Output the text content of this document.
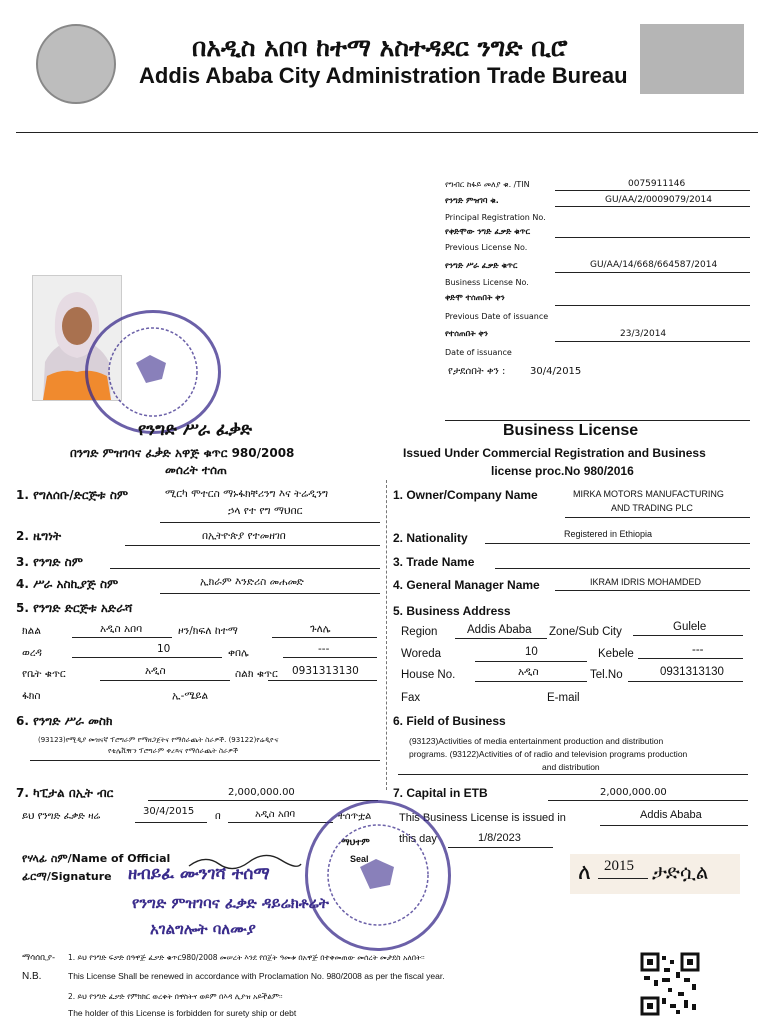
በአዲስ አበባ ከተማ አስተዳደር ንግድ ቢሮ
Addis Ababa City Administration Trade Bureau
የግብር ከፋይ መለያ ቁ. /TIN	0075911146
የንግድ ምዝገባ ቁ.	GU/AA/2/0009079/2014
Principal Registration No.
የቀድሞው ንግድ ፈቃድ ቁጥር
Previous License No.
የንግድ ሥራ ፈቃድ ቁጥር	GU/AA/14/668/664587/2014
Business License No.
ቀድሞ ተሰጠበት ቀን
Previous Date of issuance
የተሰጠበት ቀን	23/3/2014
Date of issuance
የታደሰበት ቀን : 30/4/2015
የንግድ ሥራ ፈቃድ
በንግድ ምዝገባና ፈቃድ አዋጅ ቁጥር 980/2008
መሰረት ተሰጠ
Business License
Issued Under Commercial Registration and Business
license proc.No 980/2016
1. የግለሰቡ/ድርጅቱ ስም	ሚርካ ሞተርስ ማኑፋክቸሪንግ እና ትሬዲንግ
ኃላ የተ የግ ማህበር
1. Owner/Company Name	MIRKA MOTORS MANUFACTURING
AND TRADING PLC
2. ዜግነት	በኢትዮጵያ የተመዘገበ	2. Nationality	Registered in Ethiopia
3. የንግድ ስም	3. Trade Name
4. ሥራ አስኪያጅ ስም	ኢክራም እንድሪስ መሐመድ	4. General Manager Name	IKRAM IDRIS MOHAMDED
5. የንግድ ድርጅቱ አድራሻ	5. Business Address
ክልል	አዲስ አበባ	ዞን/ክፍለ ከተማ	ጉለሌ
ወረዳ	10	ቀበሌ	---
የቤት ቁጥር	አዲስ	ስልክ ቁጥር 0931313130
ፋክስ	ኢ-ሜይል
Region	Addis Ababa Zone/Sub City	Gulele
Woreda	10	Kebele	---
House No.	አዲስ	Tel.No	0931313130
Fax	E-mail
6. የንግድ ሥራ መስክ
(93123)የሚዲያ መዝናኛ ፕሮግራም የማዘጋጀትና የማሰራጨት ስራዎች. (93122)የሬዲዮና
የቴሌቪዥን ፕሮግራም ቀረጻና የማሰራጨት ስራዎች
6. Field of Business
(93123)Activities of media entertainment production and distribution
programs. (93122)Activities of of radio and television programs production
and distribution
7. ካፒታል በኢት ብር	2,000,000.00	7. Capital in ETB	2,000,000.00
ይህ የንግድ ፈቃድ ዛሬ	30/4/2015 በ	አዲስ አበባ	ተሰጥቷል	This Business License is issued in	Addis Ababa
this day	1/8/2023
ማህተም
Seal
የሃላፊ ስም/Name of Official
ፊርማ/Signature ዘብይፈ ሙንገሻ ተሰማ
የንግድ ምዝገባና ፈቃድ ዳይሬክቶሬት
አገልግሎት ባለሙያ
ለ 2015 ታድሷል
ማሳሰቢያ-
N.B.
1. ይህ የንግድ ፍቃድ በዓዋጅ ፈቃድ ቁጥር980/2008 መሠረት እንደ የበጀት ዓመቱ በአዋጅ በተቀመጠው መሰረት መታደስ አለበት፡፡
This License Shall be renewed in accordance with Proclamation No. 980/2008 as per the fiscal year.
2. ይህ የንግድ ፈቃድ የምክክር ወረቀት በዋስትና ወይም በእዳ ሊያዝ አይችልም፡፡
The holder of this License is forbidden for surety ship or debt
